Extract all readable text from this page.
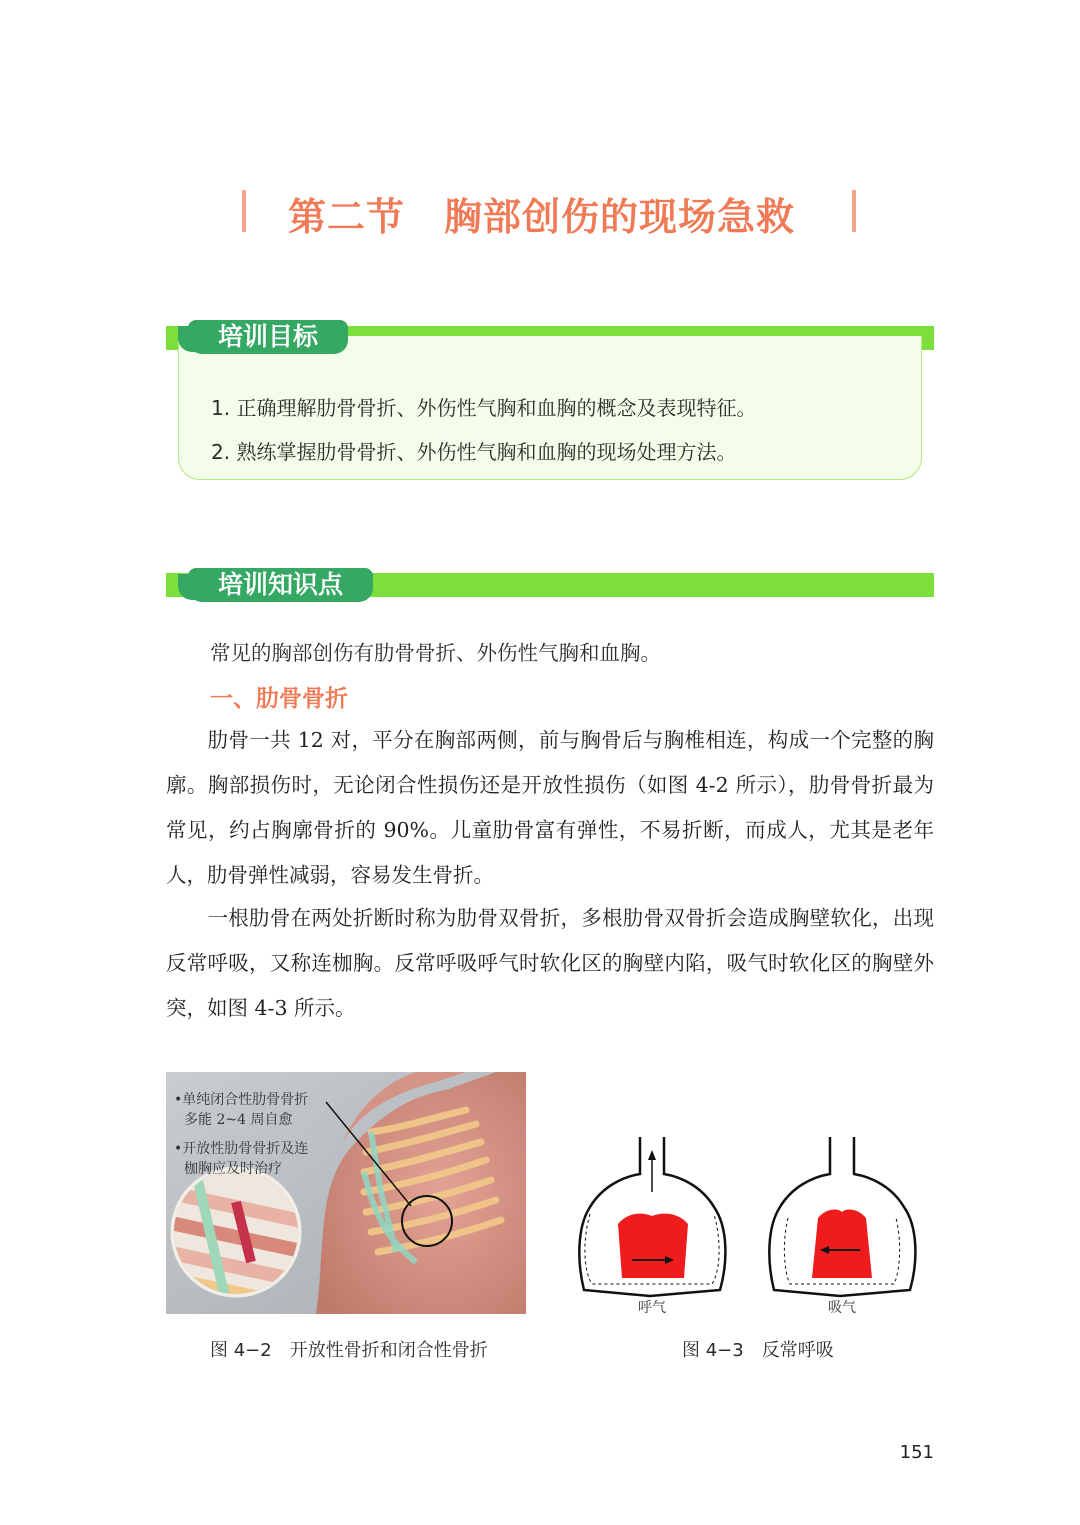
第二节　胸部创伤的现场急救
1. 正确理解肋骨骨折、外伤性气胸和血胸的概念及表现特征。
2. 熟练掌握肋骨骨折、外伤性气胸和血胸的现场处理方法。
培训目标
培训知识点
常见的胸部创伤有肋骨骨折、外伤性气胸和血胸。
一、肋骨骨折
　　肋骨一共 12 对，平分在胸部两侧，前与胸骨后与胸椎相连，构成一个完整的胸廓。胸部损伤时，无论闭合性损伤还是开放性损伤（如图 4-2 所示），肋骨骨折最为常见，约占胸廓骨折的 90%。儿童肋骨富有弹性，不易折断，而成人，尤其是老年人，肋骨弹性减弱，容易发生骨折。
　　一根肋骨在两处折断时称为肋骨双骨折，多根肋骨双骨折会造成胸壁软化，出现反常呼吸，又称连枷胸。反常呼吸呼气时软化区的胸壁内陷，吸气时软化区的胸壁外突，如图 4-3 所示。
•单纯闭合性肋骨骨折
多能 2~4 周自愈
•开放性肋骨骨折及连
枷胸应及时治疗
图 4−2　开放性骨折和闭合性骨折
呼气	吸气
图 4−3　反常呼吸
151
